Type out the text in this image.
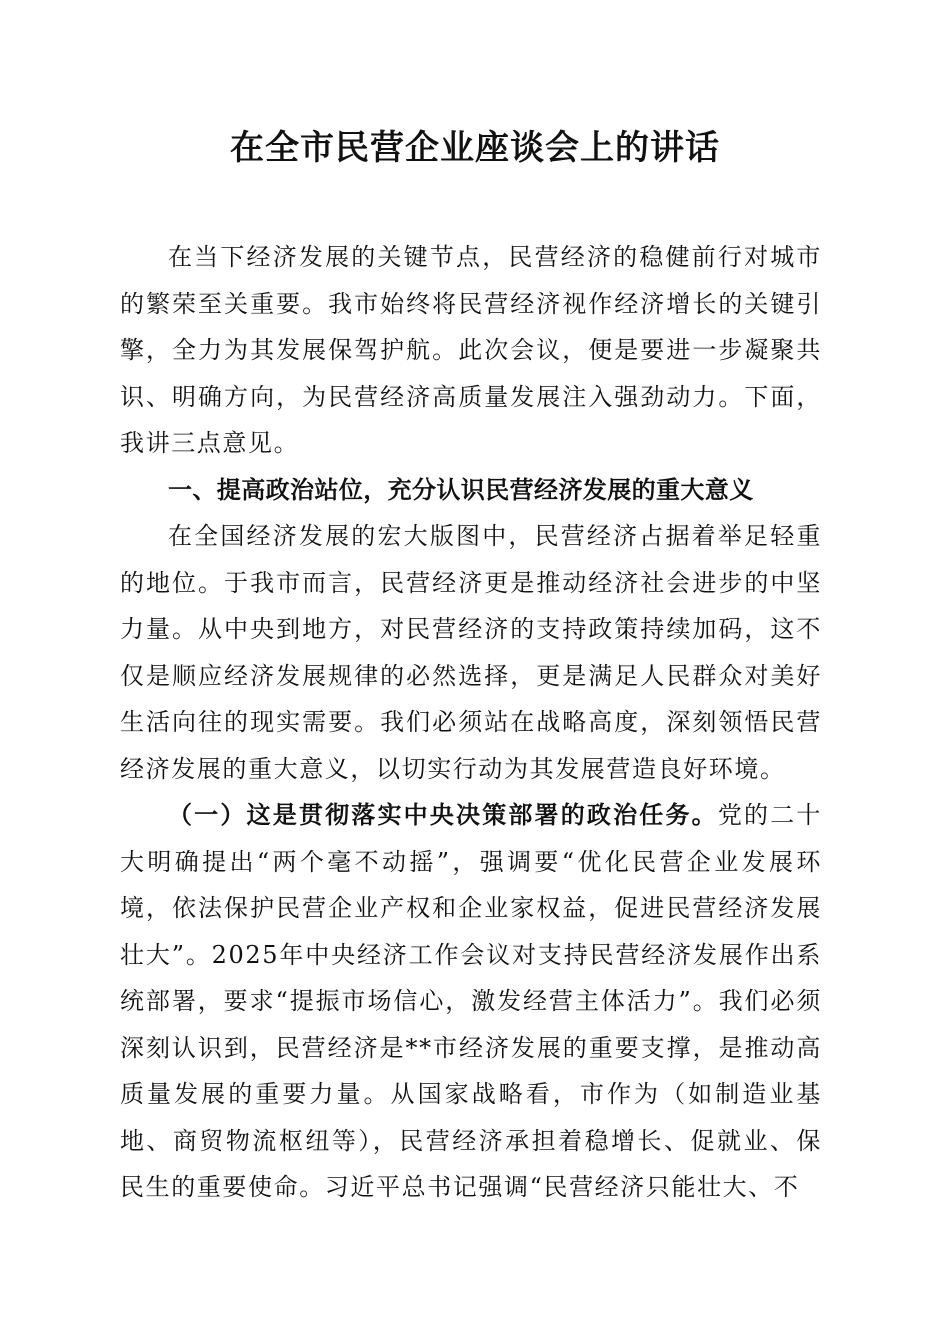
在全市民营企业座谈会上的讲话

在当下经济发展的关键节点，民营经济的稳健前行对城市的繁荣至关重要。我市始终将民营经济视作经济增长的关键引擎，全力为其发展保驾护航。此次会议，便是要进一步凝聚共识、明确方向，为民营经济高质量发展注入强劲动力。下面，我讲三点意见。

一、提高政治站位，充分认识民营经济发展的重大意义

在全国经济发展的宏大版图中，民营经济占据着举足轻重的地位。于我市而言，民营经济更是推动经济社会进步的中坚力量。从中央到地方，对民营经济的支持政策持续加码，这不仅是顺应经济发展规律的必然选择，更是满足人民群众对美好生活向往的现实需要。我们必须站在战略高度，深刻领悟民营经济发展的重大意义，以切实行动为其发展营造良好环境。

（一）这是贯彻落实中央决策部署的政治任务。党的二十大明确提出“两个毫不动摇”，强调要“优化民营企业发展环境，依法保护民营企业产权和企业家权益，促进民营经济发展壮大”。2025年中央经济工作会议对支持民营经济发展作出系统部署，要求“提振市场信心，激发经营主体活力”。我们必须深刻认识到，民营经济是**市经济发展的重要支撑，是推动高质量发展的重要力量。从国家战略看，市作为（如制造业基地、商贸物流枢纽等），民营经济承担着稳增长、促就业、保民生的重要使命。习近平总书记强调“民营经济只能壮大、不
